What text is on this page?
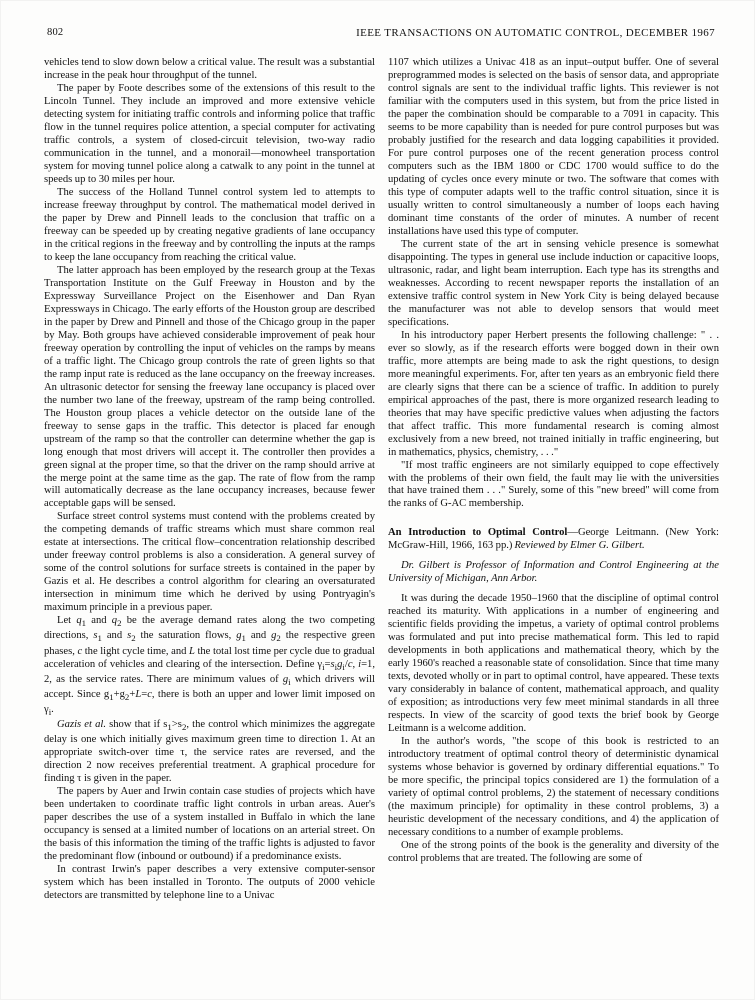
802	IEEE TRANSACTIONS ON AUTOMATIC CONTROL, DECEMBER 1967

vehicles tend to slow down below a critical value. The result was a substantial increase in the peak hour throughput of the tunnel.

The paper by Foote describes some of the extensions of this result to the Lincoln Tunnel. They include an improved and more extensive vehicle detecting system for initiating traffic controls and informing police that traffic flow in the tunnel requires police attention, a special computer for activating traffic controls, a system of closed-circuit television, two-way radio communication in the tunnel, and a monorail—monowheel transportation system for moving tunnel police along a catwalk to any point in the tunnel at speeds up to 30 miles per hour.

The success of the Holland Tunnel control system led to attempts to increase freeway throughput by control. The mathematical model derived in the paper by Drew and Pinnell leads to the conclusion that traffic on a freeway can be speeded up by creating negative gradients of lane occupancy in the critical regions in the freeway and by controlling the inputs at the ramps to keep the lane occupancy from reaching the critical value.

The latter approach has been employed by the research group at the Texas Transportation Institute on the Gulf Freeway in Houston and by the Expressway Surveillance Project on the Eisenhower and Dan Ryan Expressways in Chicago. The early efforts of the Houston group are described in the paper by Drew and Pinnell and those of the Chicago group in the paper by May. Both groups have achieved considerable improvement of peak hour freeway operation by controlling the input of vehicles on the ramps by means of a traffic light. The Chicago group controls the rate of green lights so that the ramp input rate is reduced as the lane occupancy on the freeway increases. An ultrasonic detector for sensing the freeway lane occupancy is placed over the number two lane of the freeway, upstream of the ramp being controlled. The Houston group places a vehicle detector on the outside lane of the freeway to sense gaps in the traffic. This detector is placed far enough upstream of the ramp so that the controller can determine whether the gap is long enough that most drivers will accept it. The controller then provides a green signal at the proper time, so that the driver on the ramp should arrive at the merge point at the same time as the gap. The rate of flow from the ramp will automatically decrease as the lane occupancy increases, because fewer acceptable gaps will be sensed.

Surface street control systems must contend with the problems created by the competing demands of traffic streams which must share common real estate at intersections. The critical flow–concentration relationship described under freeway control problems is also a consideration. A general survey of some of the control solutions for surface streets is contained in the paper by Gazis et al. He describes a control algorithm for clearing an oversaturated intersection in minimum time which he derived by using Pontryagin's maximum principle in a previous paper.

Let $q_1$ and $q_2$ be the average demand rates along the two competing directions, $s_1$ and $s_2$ the saturation flows, $g_1$ and $g_2$ the respective green phases, c the light cycle time, and L the total lost time per cycle due to gradual acceleration of vehicles and clearing of the intersection. Define $\gamma_i=s_ig_i/c$, i=1, 2, as the service rates. There are minimum values of $g_i$ which drivers will accept. Since $g_1+g_2+L=c$, there is both an upper and lower limit imposed on $\gamma_i$.

Gazis et al. show that if $s_1>s_2$, the control which minimizes the aggregate delay is one which initially gives maximum green time to direction 1. At an appropriate switch-over time τ, the service rates are reversed, and the direction 2 now receives preferential treatment. A graphical procedure for finding τ is given in the paper.

The papers by Auer and Irwin contain case studies of projects which have been undertaken to coordinate traffic light controls in urban areas. Auer's paper describes the use of a system installed in Buffalo in which the lane occupancy is sensed at a limited number of locations on an arterial street. On the basis of this information the timing of the traffic lights is adjusted to favor the predominant flow (inbound or outbound) if a predominance exists.

In contrast Irwin's paper describes a very extensive computer-sensor system which has been installed in Toronto. The outputs of 2000 vehicle detectors are transmitted by telephone line to a Univac

1107 which utilizes a Univac 418 as an input–output buffer. One of several preprogrammed modes is selected on the basis of sensor data, and appropriate control signals are sent to the individual traffic lights. This reviewer is not familiar with the computers used in this system, but from the price listed in the paper the combination should be comparable to a 7091 in capacity. This seems to be more capability than is needed for pure control purposes but was probably justified for the research and data logging capabilities it provided. For pure control purposes one of the recent generation process control computers such as the IBM 1800 or CDC 1700 would suffice to do the updating of cycles once every minute or two. The software that comes with this type of computer adapts well to the traffic control situation, since it is usually written to control simultaneously a number of loops each having dominant time constants of the order of minutes. A number of recent installations have used this type of computer.

The current state of the art in sensing vehicle presence is somewhat disappointing. The types in general use include induction or capacitive loops, ultrasonic, radar, and light beam interruption. Each type has its strengths and weaknesses. According to recent newspaper reports the installation of an extensive traffic control system in New York City is being delayed because the manufacturer was not able to develop sensors that would meet specifications.

In his introductory paper Herbert presents the following challenge: " . . ever so slowly, as if the research efforts were bogged down in their own traffic, more attempts are being made to ask the right questions, to design more meaningful experiments. For, after ten years as an embryonic field there are clearly signs that there can be a science of traffic. In addition to purely empirical approaches of the past, there is more organized research leading to theories that may have specific predictive values when adjusting the factors that affect traffic. This more fundamental research is coming almost exclusively from a new breed, not trained initially in traffic engineering, but in mathematics, physics, chemistry, . . ."

"If most traffic engineers are not similarly equipped to cope effectively with the problems of their own field, the fault may lie with the universities that have trained them . . ." Surely, some of this "new breed" will come from the ranks of G-AC membership.

An Introduction to Optimal Control—George Leitmann. (New York: McGraw-Hill, 1966, 163 pp.) Reviewed by Elmer G. Gilbert.

Dr. Gilbert is Professor of Information and Control Engineering at the University of Michigan, Ann Arbor.

It was during the decade 1950–1960 that the discipline of optimal control reached its maturity. With applications in a number of engineering and scientific fields providing the impetus, a variety of optimal control problems was formulated and put into precise mathematical form. This led to rapid developments in both applications and mathematical theory, which by the early 1960's reached a reasonable state of consolidation. Since that time many texts, devoted wholly or in part to optimal control, have appeared. These texts vary considerably in balance of content, mathematical approach, and quality of exposition; as introductions very few meet minimal standards in all three respects. In view of the scarcity of good texts the brief book by George Leitmann is a welcome addition.

In the author's words, "the scope of this book is restricted to an introductory treatment of optimal control theory of deterministic dynamical systems whose behavior is governed by ordinary differential equations." To be more specific, the principal topics considered are 1) the formulation of a variety of optimal control problems, 2) the statement of necessary conditions (the maximum principle) for optimality in these control problems, 3) a heuristic development of the necessary conditions, and 4) the application of necessary conditions to a number of example problems.

One of the strong points of the book is the generality and diversity of the control problems that are treated. The following are some of
